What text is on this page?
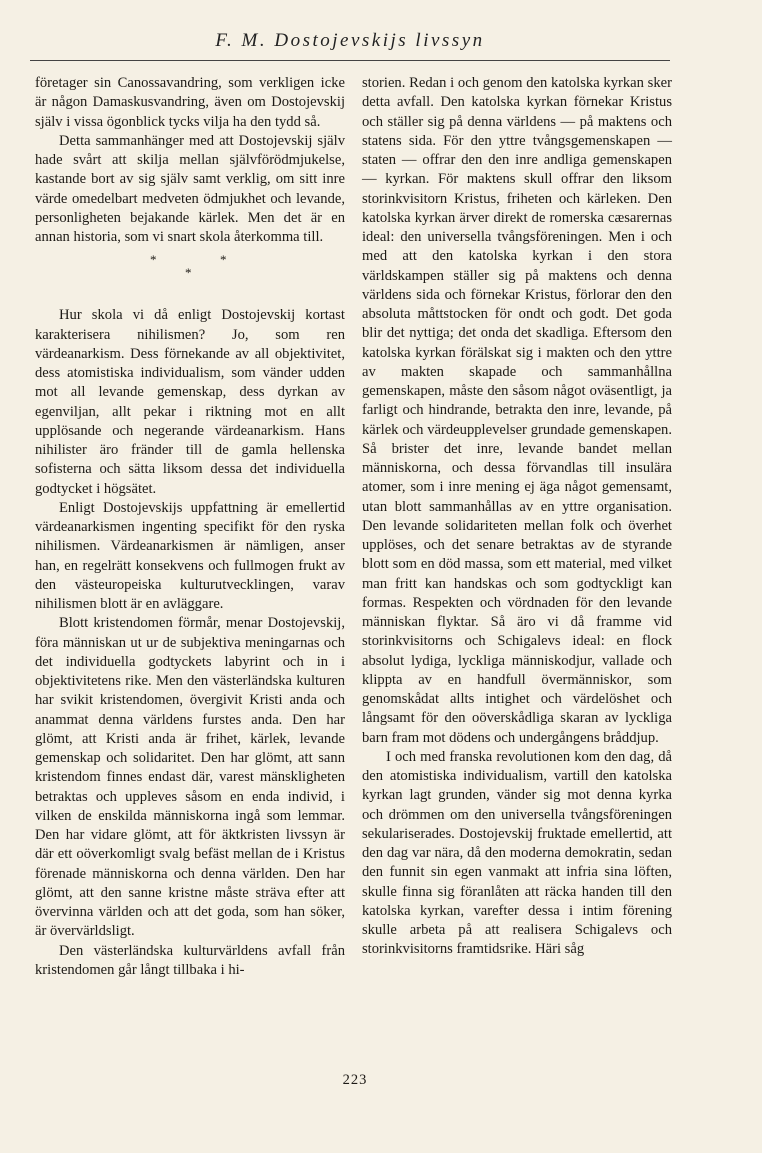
F. M. Dostojevskijs livssyn

företager sin Canossavandring, som verkligen icke är någon Damaskusvandring, även om Dostojevskij själv i vissa ögonblick tycks vilja ha den tydd så.

Detta sammanhänger med att Dostojevskij själv hade svårt att skilja mellan självförödmjukelse, kastande bort av sig själv samt verklig, om sitt inre värde omedelbart medveten ödmjukhet och levande, personligheten bejakande kärlek. Men det är en annan historia, som vi snart skola återkomma till.

*	*
*

Hur skola vi då enligt Dostojevskij kortast karakterisera nihilismen? Jo, som ren värdeanarkism. Dess förnekande av all objektivitet, dess atomistiska individualism, som vänder udden mot all levande gemenskap, dess dyrkan av egenviljan, allt pekar i riktning mot en allt upplösande och negerande värdeanarkism. Hans nihilister äro fränder till de gamla hellenska sofisterna och sätta liksom dessa det individuella godtycket i högsätet.

Enligt Dostojevskijs uppfattning är emellertid värdeanarkismen ingenting specifikt för den ryska nihilismen. Värdeanarkismen är nämligen, anser han, en regelrätt konsekvens och fullmogen frukt av den västeuropeiska kulturutvecklingen, varav nihilismen blott är en avläggare.

Blott kristendomen förmår, menar Dostojevskij, föra människan ut ur de subjektiva meningarnas och det individuella godtyckets labyrint och in i objektivitetens rike. Men den västerländska kulturen har svikit kristendomen, övergivit Kristi anda och anammat denna världens furstes anda. Den har glömt, att Kristi anda är frihet, kärlek, levande gemenskap och solidaritet. Den har glömt, att sann kristendom finnes endast där, varest mänskligheten betraktas och uppleves såsom en enda individ, i vilken de enskilda människorna ingå som lemmar. Den har vidare glömt, att för äktkristen livssyn är där ett oöverkomligt svalg befäst mellan de i Kristus förenade människorna och denna världen. Den har glömt, att den sanne kristne måste sträva efter att övervinna världen och att det goda, som han söker, är övervärldsligt.

Den västerländska kulturvärldens avfall från kristendomen går långt tillbaka i hi-

storien. Redan i och genom den katolska kyrkan sker detta avfall. Den katolska kyrkan förnekar Kristus och ställer sig på denna världens — på maktens och statens sida. För den yttre tvångsgemenskapen — staten — offrar den den inre andliga gemenskapen — kyrkan. För maktens skull offrar den liksom storinkvisitorn Kristus, friheten och kärleken. Den katolska kyrkan ärver direkt de romerska cæsarernas ideal: den universella tvångsföreningen. Men i och med att den katolska kyrkan i den stora världskampen ställer sig på maktens och denna världens sida och förnekar Kristus, förlorar den den absoluta måttstocken för ondt och godt. Det goda blir det nyttiga; det onda det skadliga. Eftersom den katolska kyrkan förälskat sig i makten och den yttre av makten skapade och sammanhållna gemenskapen, måste den såsom något oväsentligt, ja farligt och hindrande, betrakta den inre, levande, på kärlek och värdeupplevelser grundade gemenskapen. Så brister det inre, levande bandet mellan människorna, och dessa förvandlas till insulära atomer, som i inre mening ej äga något gemensamt, utan blott sammanhållas av en yttre organisation. Den levande solidariteten mellan folk och överhet upplöses, och det senare betraktas av de styrande blott som en död massa, som ett material, med vilket man fritt kan handskas och som godtyckligt kan formas. Respekten och vördnaden för den levande människan flyktar. Så äro vi då framme vid storinkvisitorns och Schigalevs ideal: en flock absolut lydiga, lyckliga människodjur, vallade och klippta av en handfull övermänniskor, som genomskådat allts intighet och värdelöshet och långsamt för den oöverskådliga skaran av lyckliga barn fram mot dödens och undergångens bråddjup.

I och med franska revolutionen kom den dag, då den atomistiska individualism, vartill den katolska kyrkan lagt grunden, vänder sig mot denna kyrka och drömmen om den universella tvångsföreningen sekulariserades. Dostojevskij fruktade emellertid, att den dag var nära, då den moderna demokratin, sedan den funnit sin egen vanmakt att infria sina löften, skulle finna sig föranlåten att räcka handen till den katolska kyrkan, varefter dessa i intim förening skulle arbeta på att realisera Schigalevs och storinkvisitorns framtidsrike. Häri såg

223
